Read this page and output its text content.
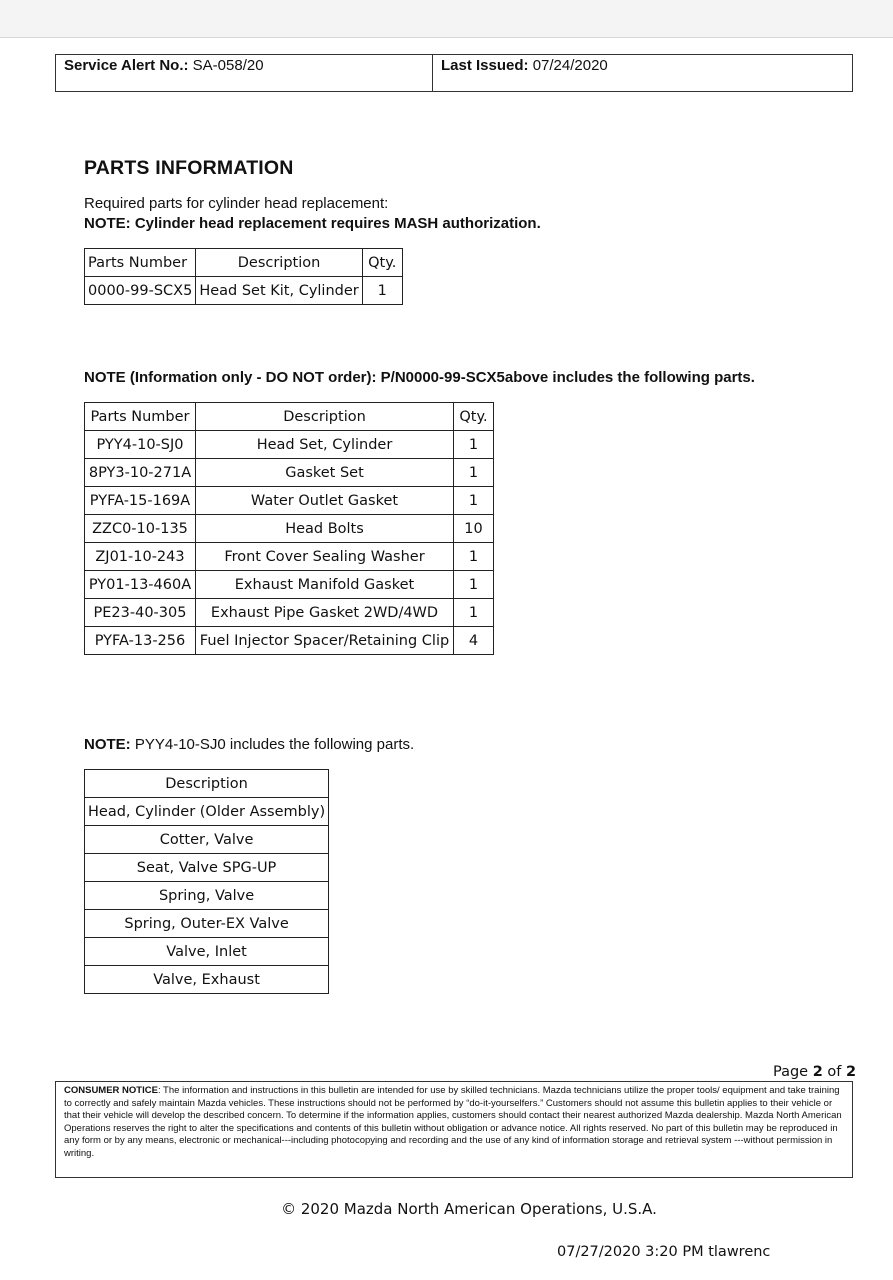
Service Alert No.: SA-058/20	Last Issued: 07/24/2020
PARTS INFORMATION
Required parts for cylinder head replacement:
NOTE: Cylinder head replacement requires MASH authorization.
Parts Number	Description	Qty.
0000-99-SCX5	Head Set Kit, Cylinder	1
NOTE (Information only - DO NOT order): P/N0000-99-SCX5above includes the following parts.
Parts Number	Description	Qty.
PYY4-10-SJ0	Head Set, Cylinder	1
8PY3-10-271A	Gasket Set	1
PYFA-15-169A	Water Outlet Gasket	1
ZZC0-10-135	Head Bolts	10
ZJ01-10-243	Front Cover Sealing Washer	1
PY01-13-460A	Exhaust Manifold Gasket	1
PE23-40-305	Exhaust Pipe Gasket 2WD/4WD	1
PYFA-13-256	Fuel Injector Spacer/Retaining Clip	4
NOTE: PYY4-10-SJ0 includes the following parts.
Description
Head, Cylinder (Older Assembly)
Cotter, Valve
Seat, Valve SPG-UP
Spring, Valve
Spring, Outer-EX Valve
Valve, Inlet
Valve, Exhaust
Page 2 of 2
CONSUMER NOTICE: The information and instructions in this bulletin are intended for use by skilled technicians. Mazda technicians utilize the proper tools/ equipment and take training to correctly and safely maintain Mazda vehicles. These instructions should not be performed by “do-it-yourselfers.” Customers should not assume this bulletin applies to their vehicle or that their vehicle will develop the described concern. To determine if the information applies, customers should contact their nearest authorized Mazda dealership. Mazda North American Operations reserves the right to alter the specifications and contents of this bulletin without obligation or advance notice. All rights reserved. No part of this bulletin may be reproduced in any form or by any means, electronic or mechanical---including photocopying and recording and the use of any kind of information storage and retrieval system ---without permission in writing.
© 2020 Mazda North American Operations, U.S.A.
07/27/2020 3:20 PM tlawrenc
